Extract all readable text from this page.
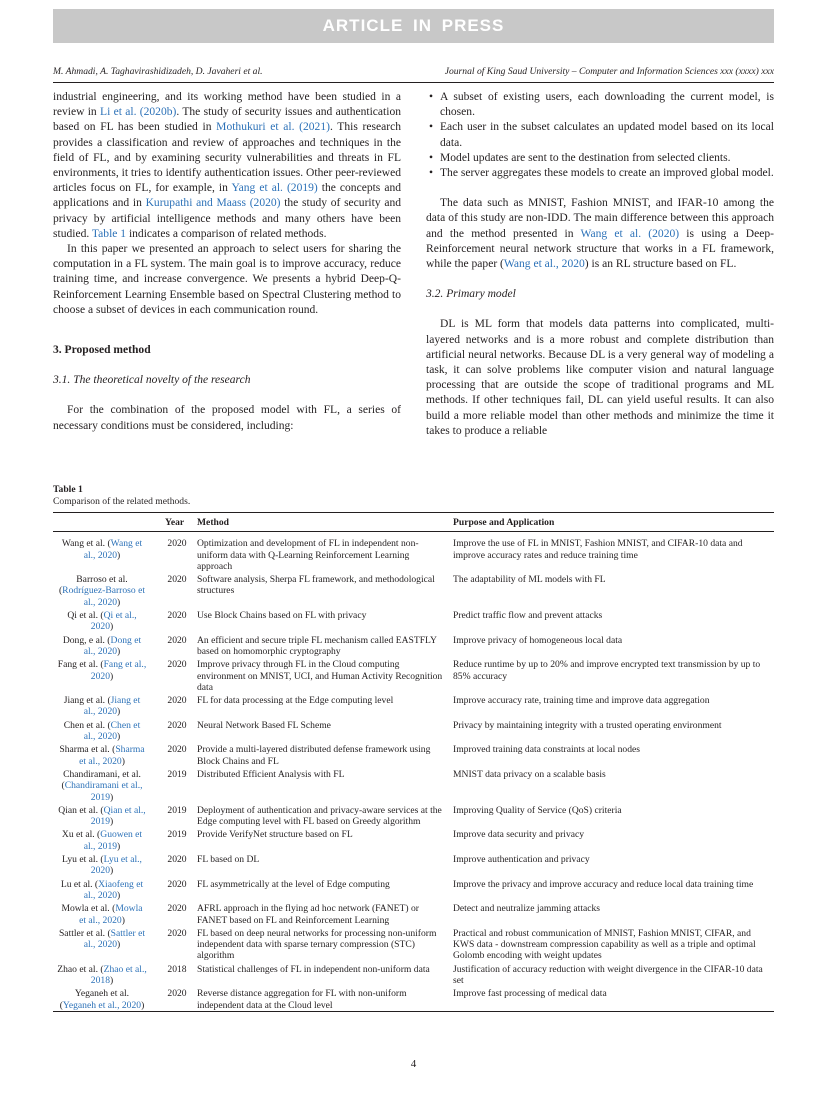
ARTICLE IN PRESS
M. Ahmadi, A. Taghavirashidizadeh, D. Javaheri et al.	Journal of King Saud University – Computer and Information Sciences xxx (xxxx) xxx

industrial engineering, and its working method have been studied in a review in Li et al. (2020b). The study of security issues and authentication based on FL has been studied in Mothukuri et al. (2021). This research provides a classification and review of approaches and techniques in the field of FL, and by examining security vulnerabilities and threats in FL environments, it tries to identify authentication issues. Other peer-reviewed articles focus on FL, for example, in Yang et al. (2019) the concepts and applications and in Kurupathi and Maass (2020) the study of security and privacy by artificial intelligence methods and many others have been studied. Table 1 indicates a comparison of related methods.

In this paper we presented an approach to select users for sharing the computation in a FL system. The main goal is to improve accuracy, reduce training time, and increase convergence. We presents a hybrid Deep-Q-Reinforcement Learning Ensemble based on Spectral Clustering method to choose a subset of devices in each communication round.

3. Proposed method

3.1. The theoretical novelty of the research

For the combination of the proposed model with FL, a series of necessary conditions must be considered, including:

• A subset of existing users, each downloading the current model, is chosen.
• Each user in the subset calculates an updated model based on its local data.
• Model updates are sent to the destination from selected clients.
• The server aggregates these models to create an improved global model.

The data such as MNIST, Fashion MNIST, and IFAR-10 among the data of this study are non-IDD. The main difference between this approach and the method presented in Wang et al. (2020) is using a Deep-Reinforcement neural network structure that works in a FL framework, while the paper (Wang et al., 2020) is an RL structure based on FL.

3.2. Primary model

DL is ML form that models data patterns into complicated, multi-layered networks and is a more robust and complete distribution than artificial neural networks. Because DL is a very general way of modeling a task, it can solve problems like computer vision and natural language processing that are outside the scope of traditional programs and ML methods. If other techniques fail, DL can yield useful results. It can also build a more reliable model than other methods and minimize the time it takes to produce a reliable

Table 1
Comparison of the related methods.
	Year	Method	Purpose and Application
Wang et al. (Wang et al., 2020)	2020	Optimization and development of FL in independent non-uniform data with Q-Learning Reinforcement Learning approach	Improve the use of FL in MNIST, Fashion MNIST, and CIFAR-10 data and improve accuracy rates and reduce training time
Barroso et al. (Rodríguez-Barroso et al., 2020)	2020	Software analysis, Sherpa FL framework, and methodological structures	The adaptability of ML models with FL
Qi et al. (Qi et al., 2020)	2020	Use Block Chains based on FL with privacy	Predict traffic flow and prevent attacks
Dong, e al. (Dong et al., 2020)	2020	An efficient and secure triple FL mechanism called EASTFLY based on homomorphic cryptography	Improve privacy of homogeneous local data
Fang et al. (Fang et al., 2020)	2020	Improve privacy through FL in the Cloud computing environment on MNIST, UCI, and Human Activity Recognition data	Reduce runtime by up to 20% and improve encrypted text transmission by up to 85% accuracy
Jiang et al. (Jiang et al., 2020)	2020	FL for data processing at the Edge computing level	Improve accuracy rate, training time and improve data aggregation
Chen et al. (Chen et al., 2020)	2020	Neural Network Based FL Scheme	Privacy by maintaining integrity with a trusted operating environment
Sharma et al. (Sharma et al., 2020)	2020	Provide a multi-layered distributed defense framework using Block Chains and FL	Improved training data constraints at local nodes
Chandiramani, et al. (Chandiramani et al., 2019)	2019	Distributed Efficient Analysis with FL	MNIST data privacy on a scalable basis
Qian et al. (Qian et al., 2019)	2019	Deployment of authentication and privacy-aware services at the Edge computing level with FL based on Greedy algorithm	Improving Quality of Service (QoS) criteria
Xu et al. (Guowen et al., 2019)	2019	Provide VerifyNet structure based on FL	Improve data security and privacy
Lyu et al. (Lyu et al., 2020)	2020	FL based on DL	Improve authentication and privacy
Lu et al. (Xiaofeng et al., 2020)	2020	FL asymmetrically at the level of Edge computing	Improve the privacy and improve accuracy and reduce local data training time
Mowla et al. (Mowla et al., 2020)	2020	AFRL approach in the flying ad hoc network (FANET) or FANET based on FL and Reinforcement Learning	Detect and neutralize jamming attacks
Sattler et al. (Sattler et al., 2020)	2020	FL based on deep neural networks for processing non-uniform independent data with sparse ternary compression (STC) algorithm	Practical and robust communication of MNIST, Fashion MNIST, CIFAR, and KWS data - downstream compression capability as well as a triple and optimal Golomb encoding with weight updates
Zhao et al. (Zhao et al., 2018)	2018	Statistical challenges of FL in independent non-uniform data	Justification of accuracy reduction with weight divergence in the CIFAR-10 data set
Yeganeh et al. (Yeganeh et al., 2020)	2020	Reverse distance aggregation for FL with non-uniform independent data at the Cloud level	Improve fast processing of medical data
4
